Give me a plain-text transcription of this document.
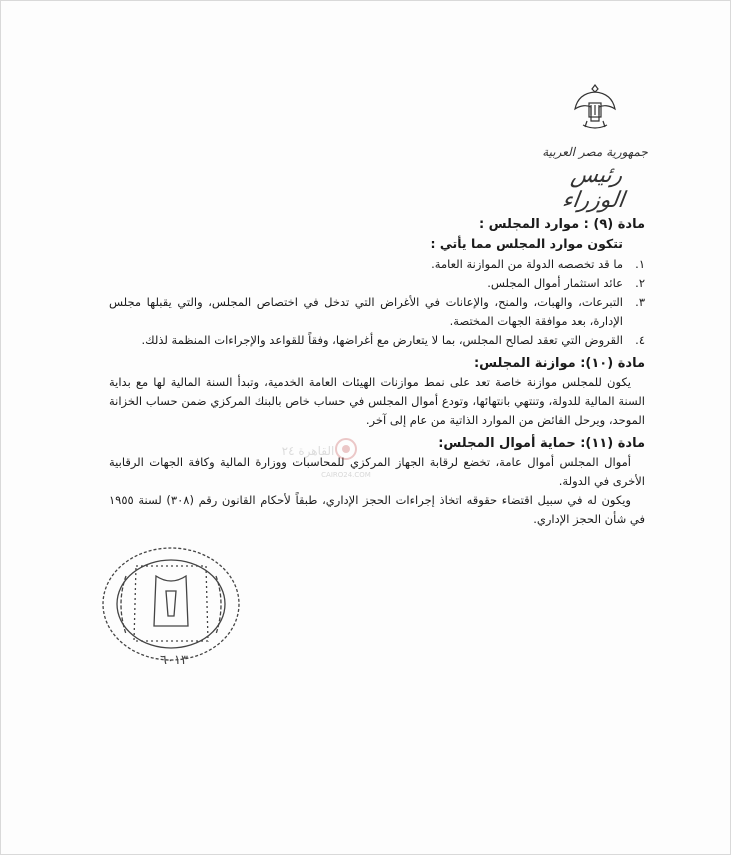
جمهورية مصر العربية
رئيس الوزراء
مادة (٩) : موارد المجلس :
تتكون موارد المجلس مما يأتي :
١.
ما قد تخصصه الدولة من الموازنة العامة.
٢.
عائد استثمار أموال المجلس.
٣.
التبرعات، والهبات، والمنح، والإعانات في الأغراض التي تدخل في اختصاص المجلس، والتي يقبلها مجلس الإدارة، بعد موافقة الجهات المختصة.
٤.
القروض التي تعقد لصالح المجلس، بما لا يتعارض مع أغراضها، وفقاً للقواعد والإجراءات المنظمة لذلك.
مادة (١٠): موازنة المجلس:

يكون للمجلس موازنة خاصة تعد على نمط موازنات الهيئات العامة الخدمية، وتبدأ السنة المالية لها مع بداية السنة المالية للدولة، وتنتهي بانتهائها، وتودع أموال المجلس في حساب خاص بالبنك المركزي ضمن حساب الخزانة الموحد، ويرحل الفائض من الموارد الذاتية من عام إلى آخر.

مادة (١١): حماية أموال المجلس:

أموال المجلس أموال عامة، تخضع لرقابة الجهاز المركزي للمحاسبات ووزارة المالية وكافة الجهات الرقابية الأخرى في الدولة.

ويكون له في سبيل اقتضاء حقوقه اتخاذ إجراءات الحجز الإداري، طبقاً لأحكام القانون رقم (٣٠٨) لسنة ١٩٥٥ في شأن الحجز الإداري.

CAIRO24.COM
القاهرة ٢٤
٦٠١٣
